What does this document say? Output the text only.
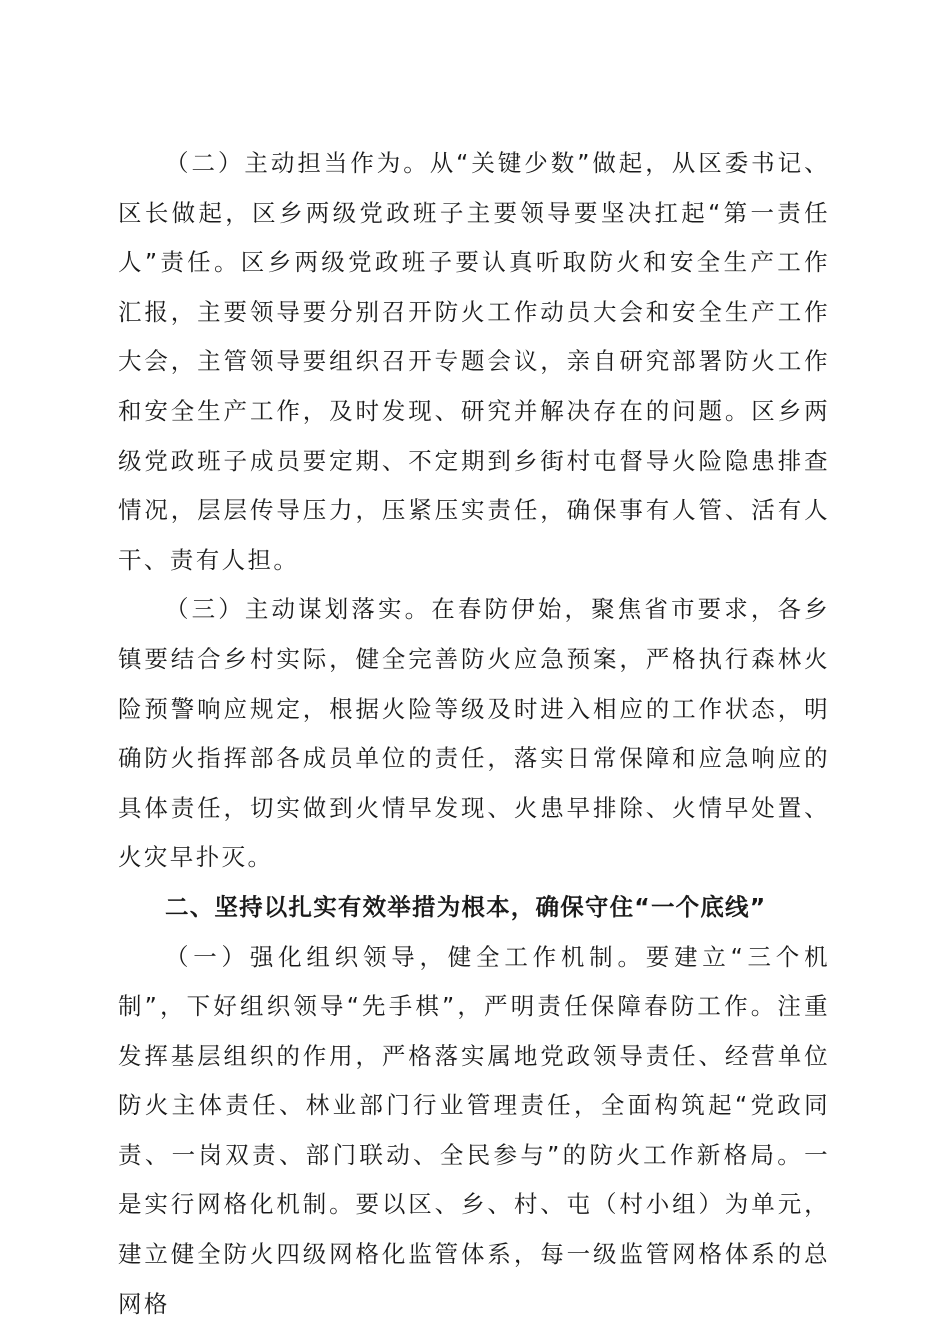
（二）主动担当作为。从“关键少数”做起，从区委书记、区长做起，区乡两级党政班子主要领导要坚决扛起“第一责任人”责任。区乡两级党政班子要认真听取防火和安全生产工作汇报，主要领导要分别召开防火工作动员大会和安全生产工作大会，主管领导要组织召开专题会议，亲自研究部署防火工作和安全生产工作，及时发现、研究并解决存在的问题。区乡两级党政班子成员要定期、不定期到乡街村屯督导火险隐患排查情况，层层传导压力，压紧压实责任，确保事有人管、活有人干、责有人担。

（三）主动谋划落实。在春防伊始，聚焦省市要求，各乡镇要结合乡村实际，健全完善防火应急预案，严格执行森林火险预警响应规定，根据火险等级及时进入相应的工作状态，明确防火指挥部各成员单位的责任，落实日常保障和应急响应的具体责任，切实做到火情早发现、火患早排除、火情早处置、火灾早扑灭。

二、坚持以扎实有效举措为根本，确保守住“一个底线”

（一）强化组织领导，健全工作机制。要建立“三个机制”，下好组织领导“先手棋”，严明责任保障春防工作。注重发挥基层组织的作用，严格落实属地党政领导责任、经营单位防火主体责任、林业部门行业管理责任，全面构筑起“党政同责、一岗双责、部门联动、全民参与”的防火工作新格局。一是实行网格化机制。要以区、乡、村、屯（村小组）为单元，建立健全防火四级网格化监管体系，每一级监管网格体系的总网格
